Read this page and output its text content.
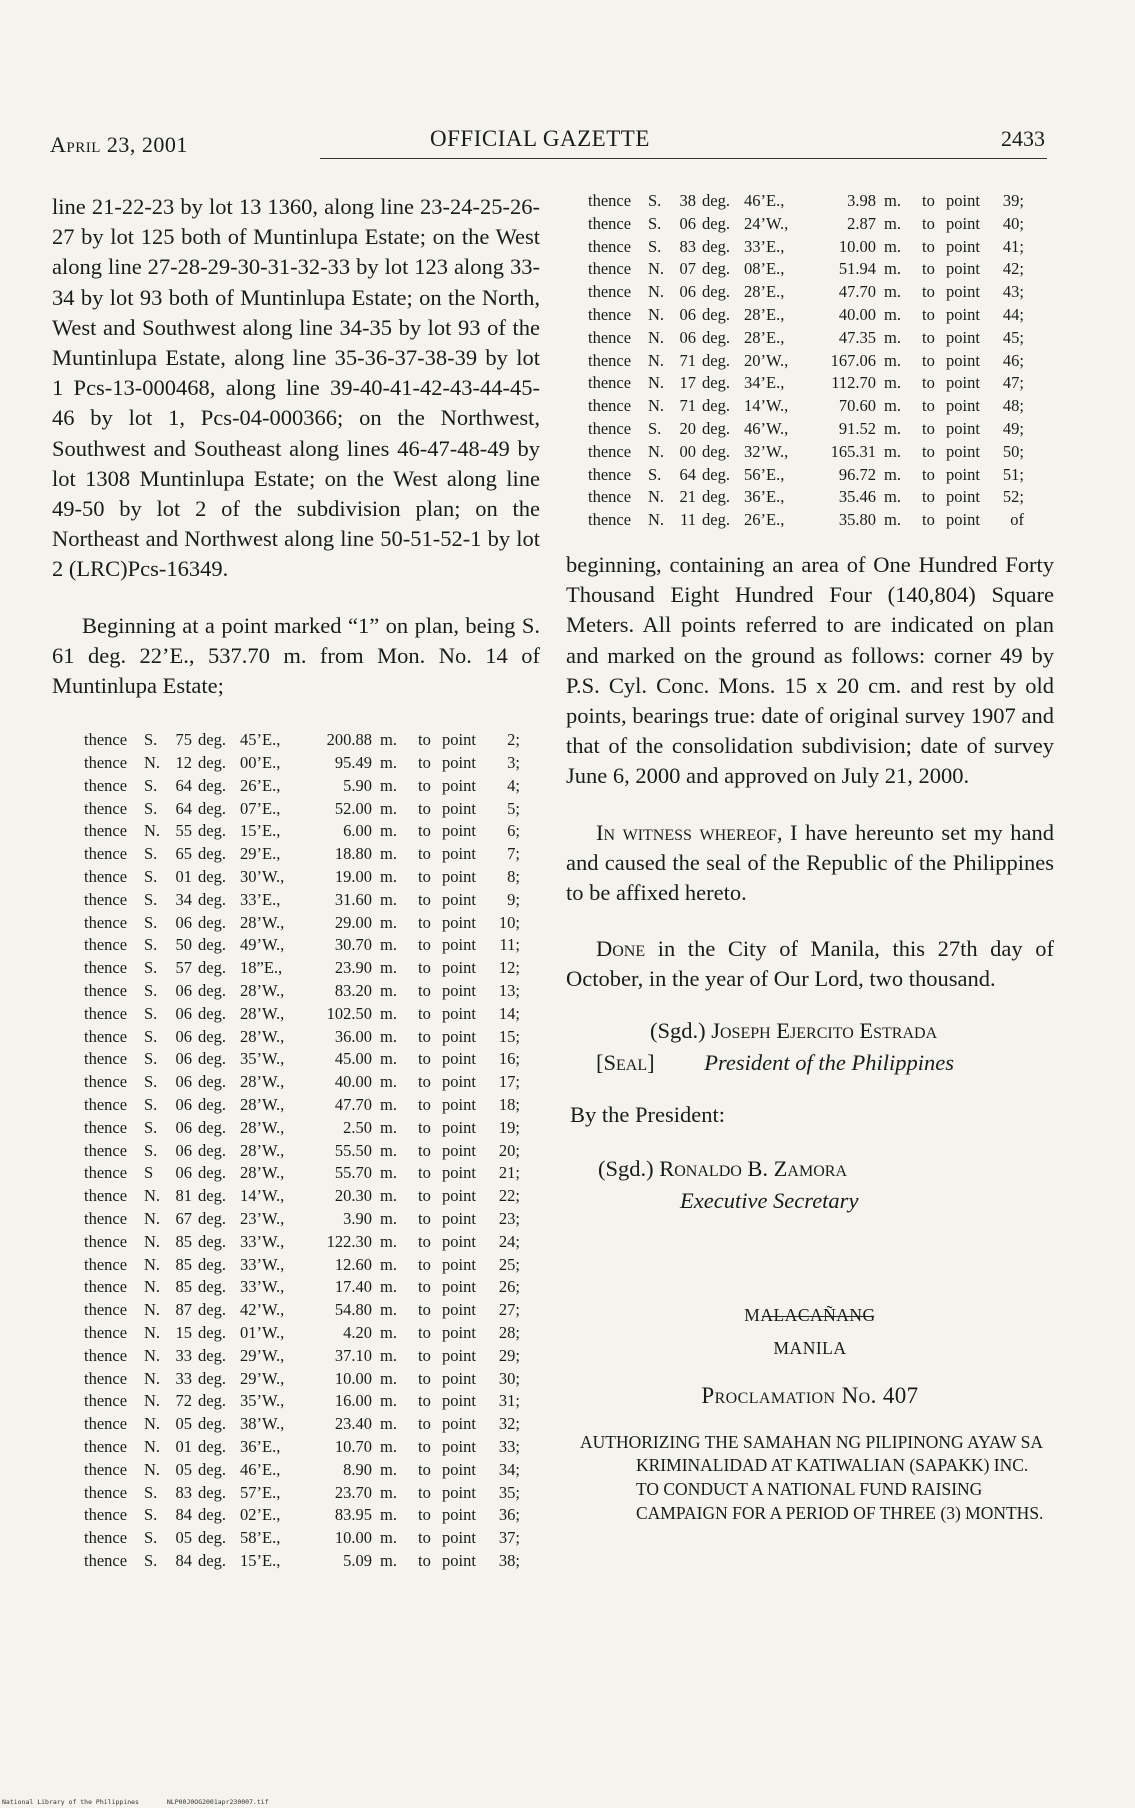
April 23, 2001	OFFICIAL GAZETTE	2433

line 21-22-23 by lot 13 1360, along line 23-24-25-26-27 by lot 125 both of Muntinlupa Estate; on the West along line 27-28-29-30-31-32-33 by lot 123 along 33-34 by lot 93 both of Muntinlupa Estate; on the North, West and Southwest along line 34-35 by lot 93 of the Muntinlupa Estate, along line 35-36-37-38-39 by lot 1 Pcs-13-000468, along line 39-40-41-42-43-44-45-46 by lot 1, Pcs-04-000366; on the Northwest, Southwest and Southeast along lines 46-47-48-49 by lot 1308 Muntinlupa Estate; on the West along line 49-50 by lot 2 of the subdivision plan; on the Northeast and Northwest along line 50-51-52-1 by lot 2 (LRC)Pcs-16349.

Beginning at a point marked “1” on plan, being S. 61 deg. 22’E., 537.70 m. from Mon. No. 14 of Muntinlupa Estate;

thence S.	75 deg. 45’E.,	200.88 m. to point	2;
thence N. 12 deg. 00’E.,	95.49 m. to point	3;
thence S.	64 deg. 26’E.,	5.90 m. to point	4;
thence S.	64 deg. 07’E.,	52.00 m. to point	5;
thence N. 55 deg. 15’E.,	6.00 m. to point	6;
thence S.	65 deg. 29’E.,	18.80 m. to point	7;
thence S.	01 deg. 30’W.,	19.00 m. to point	8;
thence S.	34 deg. 33’E.,	31.60 m. to point	9;
thence S.	06 deg. 28’W.,	29.00 m. to point	10;
thence S.	50 deg. 49’W.,	30.70 m. to point	11;
thence S.	57 deg. 18”E.,	23.90 m. to point	12;
thence S.	06 deg. 28’W.,	83.20 m. to point	13;
thence S.	06 deg. 28’W.,	102.50 m. to point	14;
thence S.	06 deg. 28’W.,	36.00 m. to point	15;
thence S.	06 deg. 35’W.,	45.00 m. to point	16;
thence S.	06 deg. 28’W.,	40.00 m. to point	17;
thence S.	06 deg. 28’W.,	47.70 m. to point	18;
thence S.	06 deg. 28’W.,	2.50 m. to point	19;
thence S.	06 deg. 28’W.,	55.50 m. to point	20;
thence S	06 deg. 28’W.,	55.70 m. to point	21;
thence N. 81 deg. 14’W.,	20.30 m. to point	22;
thence N. 67 deg. 23’W.,	3.90 m. to point	23;
thence N. 85 deg. 33’W.,	122.30 m. to point	24;
thence N. 85 deg. 33’W.,	12.60 m. to point	25;
thence N. 85 deg. 33’W.,	17.40 m. to point	26;
thence N. 87 deg. 42’W.,	54.80 m. to point	27;
thence N. 15 deg. 01’W.,	4.20 m. to point	28;
thence N. 33 deg. 29’W.,	37.10 m. to point	29;
thence N. 33 deg. 29’W.,	10.00 m. to point	30;
thence N. 72 deg. 35’W.,	16.00 m. to point	31;
thence N. 05 deg. 38’W.,	23.40 m. to point	32;
thence N. 01 deg. 36’E.,	10.70 m. to point	33;
thence N. 05 deg. 46’E.,	8.90 m. to point	34;
thence S.	83 deg. 57’E.,	23.70 m. to point	35;
thence S.	84 deg. 02’E.,	83.95 m. to point	36;
thence S.	05 deg. 58’E.,	10.00 m. to point	37;
thence S.	84 deg. 15’E.,	5.09 m. to point	38;
thence S.	38 deg. 46’E.,	3.98 m. to point	39;
thence S.	06 deg. 24’W.,	2.87 m. to point	40;
thence S.	83 deg. 33’E.,	10.00 m. to point	41;
thence N. 07 deg. 08’E.,	51.94 m. to point	42;
thence N. 06 deg. 28’E.,	47.70 m. to point	43;
thence N. 06 deg. 28’E.,	40.00 m. to point	44;
thence N. 06 deg. 28’E.,	47.35 m. to point	45;
thence N. 71 deg. 20’W.,	167.06 m. to point	46;
thence N. 17 deg. 34’E.,	112.70 m. to point	47;
thence N. 71 deg. 14’W.,	70.60 m. to point	48;
thence S.	20 deg. 46’W.,	91.52 m. to point	49;
thence N. 00 deg. 32’W.,	165.31 m. to point	50;
thence S.	64 deg. 56’E.,	96.72 m. to point	51;
thence N. 21 deg. 36’E.,	35.46 m. to point	52;
thence N. 11 deg. 26’E.,	35.80 m. to point	of

beginning, containing an area of One Hundred Forty Thousand Eight Hundred Four (140,804) Square Meters. All points referred to are indicated on plan and marked on the ground as follows: corner 49 by P.S. Cyl. Conc. Mons. 15 x 20 cm. and rest by old points, bearings true: date of original survey 1907 and that of the consolidation subdivision; date of survey June 6, 2000 and approved on July 21, 2000.

In witness whereof, I have hereunto set my hand and caused the seal of the Republic of the Philippines to be affixed hereto.

Done in the City of Manila, this 27th day of October, in the year of Our Lord, two thousand.

(Sgd.) Joseph Ejercito Estrada
[Seal] President of the Philippines
By the President:
(Sgd.) Ronaldo B. Zamora
Executive Secretary
MALACAÑANG
MANILA
Proclamation No. 407

AUTHORIZING THE SAMAHAN NG PILIPINONG AYAW SA KRIMINALIDAD AT KATIWALIAN (SAPAKK) INC. TO CONDUCT A NATIONAL FUND RAISING CAMPAIGN FOR A PERIOD OF THREE (3) MONTHS.

National Library of the Philippines	NLP00J0OG2001apr230007.tif
